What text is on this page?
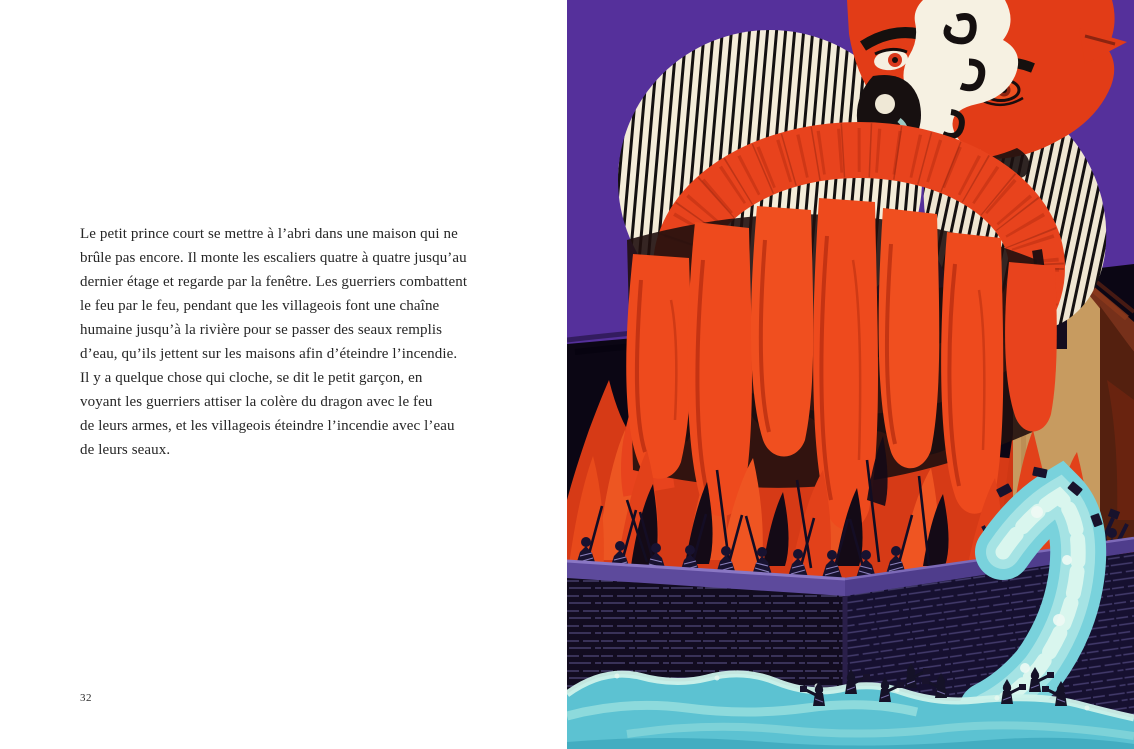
Le petit prince court se mettre à l’abri dans une maison qui ne
brûle pas encore. Il monte les escaliers quatre à quatre jusqu’au
dernier étage et regarde par la fenêtre. Les guerriers combattent
le feu par le feu, pendant que les villageois font une chaîne
humaine jusqu’à la rivière pour se passer des seaux remplis
d’eau, qu’ils jettent sur les maisons afin d’éteindre l’incendie.
Il y a quelque chose qui cloche, se dit le petit garçon, en
voyant les guerriers attiser la colère du dragon avec le feu
de leurs armes, et les villageois éteindre l’incendie avec l’eau
de leurs seaux.
32
